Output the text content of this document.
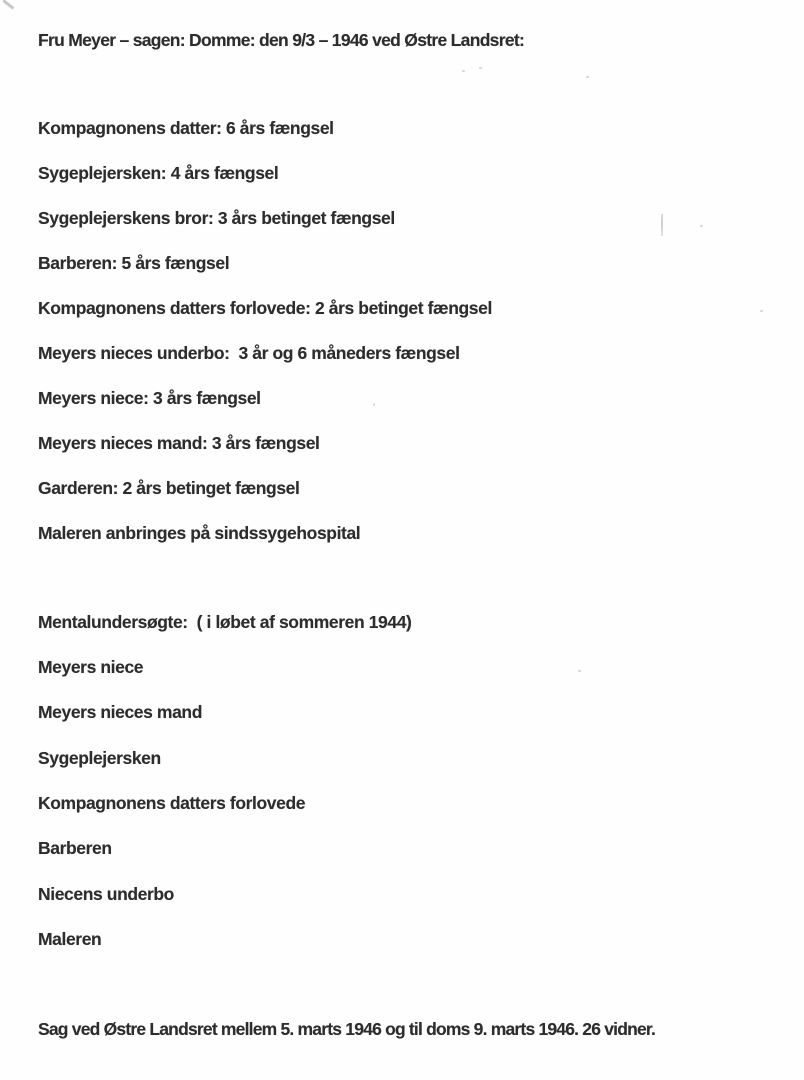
Fru Meyer – sagen: Domme: den 9/3 – 1946 ved Østre Landsret:
Kompagnonens datter: 6 års fængsel
Sygeplejersken: 4 års fængsel
Sygeplejerskens bror: 3 års betinget fængsel
Barberen: 5 års fængsel
Kompagnonens datters forlovede: 2 års betinget fængsel
Meyers nieces underbo:  3 år og 6 måneders fængsel
Meyers niece: 3 års fængsel
Meyers nieces mand: 3 års fængsel
Garderen: 2 års betinget fængsel
Maleren anbringes på sindssygehospital
Mentalundersøgte:  ( i løbet af sommeren 1944)
Meyers niece
Meyers nieces mand
Sygeplejersken
Kompagnonens datters forlovede
Barberen
Niecens underbo
Maleren
Sag ved Østre Landsret mellem 5. marts 1946 og til doms 9. marts 1946. 26 vidner.
